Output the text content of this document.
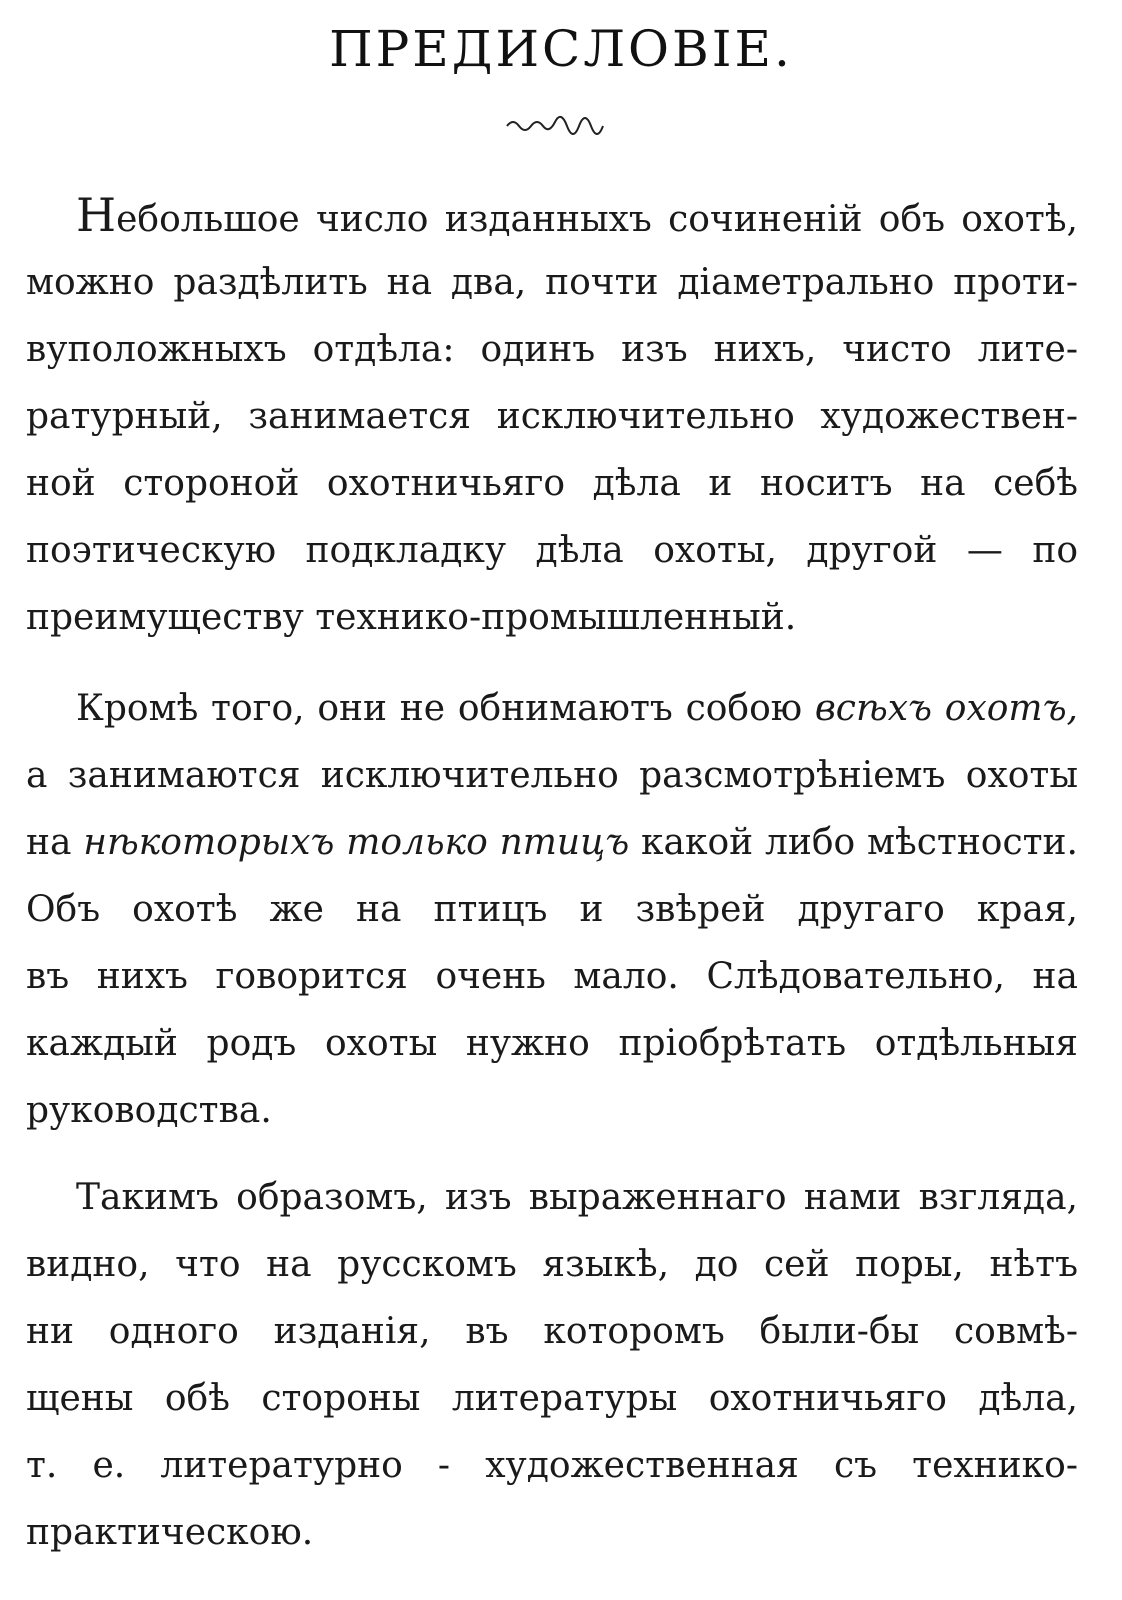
ПРЕДИСЛОВІЕ.
Небольшое число изданныхъ сочиненій объ охотѣ,
можно раздѣлить на два, почти діаметрально проти-
вуположныхъ отдѣла: одинъ изъ нихъ, чисто лите-
ратурный, занимается исключительно художествен-
ной стороной охотничьяго дѣла и носитъ на себѣ
поэтическую подкладку дѣла охоты, другой — по
преимуществу технико-промышленный.
Кромѣ того, они не обнимаютъ собою всѣхъ охотъ,
а занимаются исключительно разсмотрѣніемъ охоты
на нѣкоторыхъ только птицъ какой либо мѣстности.
Объ охотѣ же на птицъ и звѣрей другаго края,
въ нихъ говорится очень мало. Слѣдовательно, на
каждый родъ охоты нужно пріобрѣтать отдѣльныя
руководства.
Такимъ образомъ, изъ выраженнаго нами взгляда,
видно, что на русскомъ языкѣ, до сей поры, нѣтъ
ни одного изданія, въ которомъ были-бы совмѣ-
щены обѣ стороны литературы охотничьяго дѣла,
т. е. литературно - художественная съ технико-
практическою.
